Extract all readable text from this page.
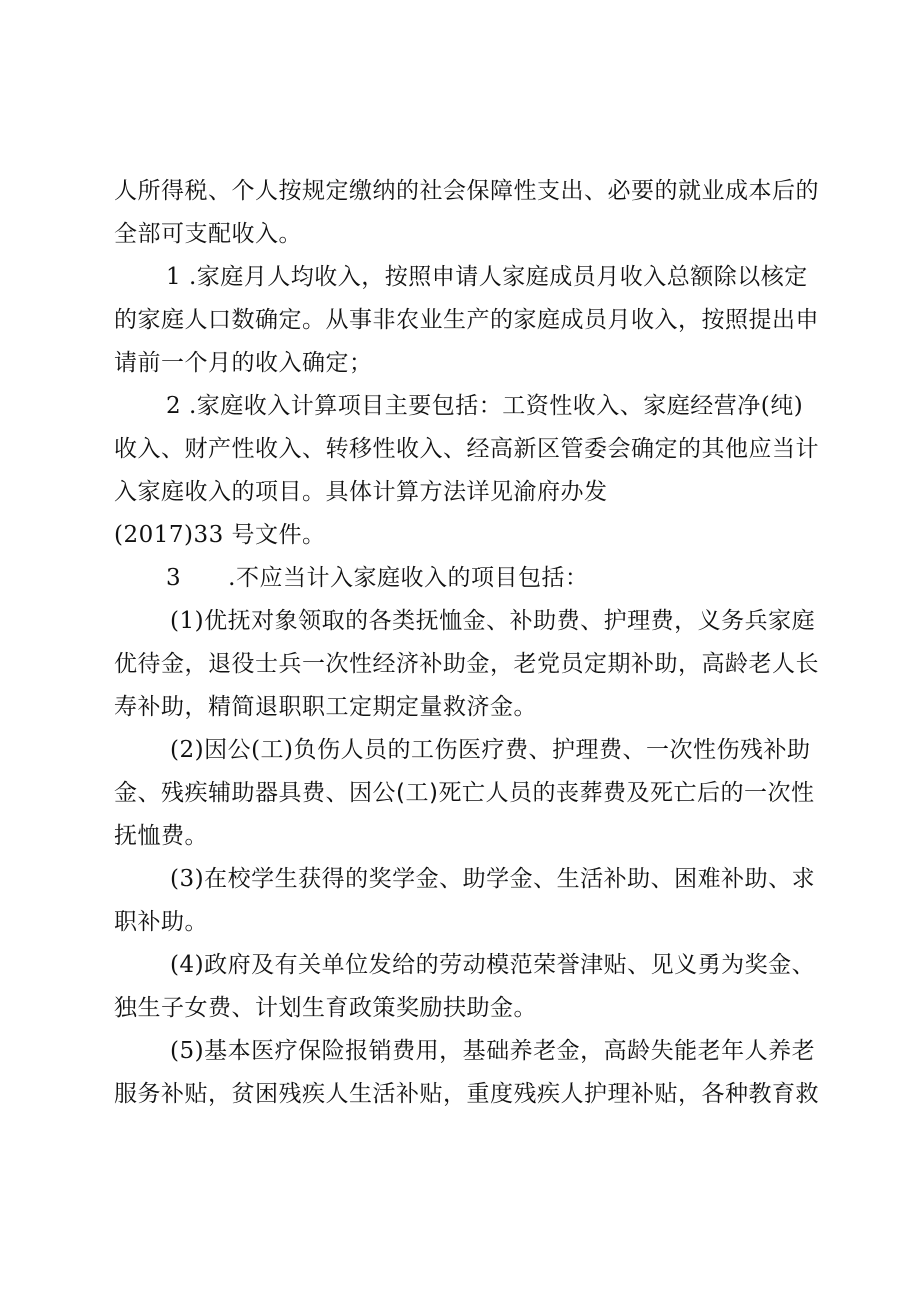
人所得税、个人按规定缴纳的社会保障性支出、必要的就业成本后的
全部可支配收入。
1 .家庭月人均收入，按照申请人家庭成员月收入总额除以核定
的家庭人口数确定。从事非农业生产的家庭成员月收入，按照提出申
请前一个月的收入确定；
2 .家庭收入计算项目主要包括：工资性收入、家庭经营净(纯)
收入、财产性收入、转移性收入、经高新区管委会确定的其他应当计
入家庭收入的项目。具体计算方法详见渝府办发
(2017)33 号文件。
3　　.不应当计入家庭收入的项目包括：
(1)优抚对象领取的各类抚恤金、补助费、护理费，义务兵家庭
优待金，退役士兵一次性经济补助金，老党员定期补助，高龄老人长
寿补助，精简退职职工定期定量救济金。
(2)因公(工)负伤人员的工伤医疗费、护理费、一次性伤残补助
金、残疾辅助器具费、因公(工)死亡人员的丧葬费及死亡后的一次性
抚恤费。
(3)在校学生获得的奖学金、助学金、生活补助、困难补助、求
职补助。
(4)政府及有关单位发给的劳动模范荣誉津贴、见义勇为奖金、
独生子女费、计划生育政策奖励扶助金。
(5)基本医疗保险报销费用，基础养老金，高龄失能老年人养老
服务补贴，贫困残疾人生活补贴，重度残疾人护理补贴，各种教育救
